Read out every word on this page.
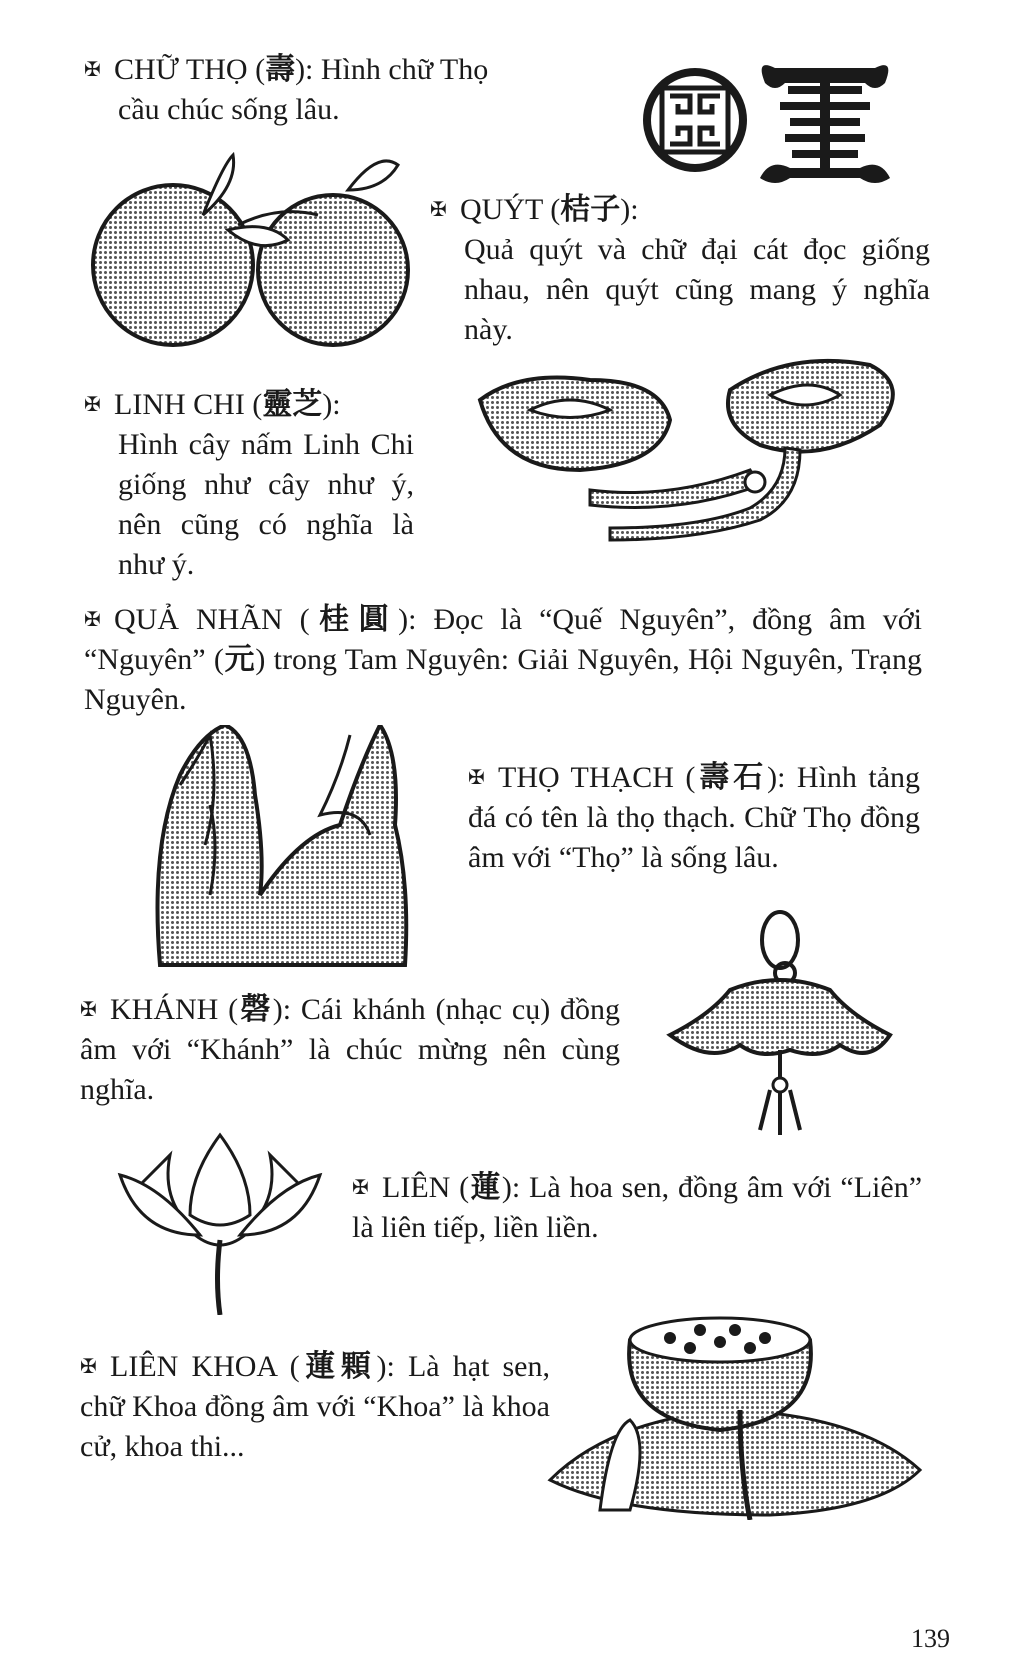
✠ CHỮ THỌ (壽): Hình chữ Thọ

cầu chúc sống lâu.

✠ QUÝT (桔子):

Quả quýt và chữ đại cát đọc giống nhau, nên quýt cũng mang ý nghĩa này.

✠ LINH CHI (靈芝):

Hình cây nấm Linh Chi giống như cây như ý, nên cũng có nghĩa là như ý.

✠ QUẢ NHÃN (桂圓): Đọc là “Quế Nguyên”, đồng âm với “Nguyên” (元) trong Tam Nguyên: Giải Nguyên, Hội Nguyên, Trạng Nguyên.

✠ THỌ THẠCH (壽石): Hình tảng đá có tên là thọ thạch. Chữ Thọ đồng âm với “Thọ” là sống lâu.

✠ KHÁNH (磬): Cái khánh (nhạc cụ) đồng âm với “Khánh” là chúc mừng nên cùng nghĩa.

✠ LIÊN (蓮): Là hoa sen, đồng âm với “Liên” là liên tiếp, liền liền.

✠ LIÊN KHOA (蓮顆): Là hạt sen, chữ Khoa đồng âm với “Khoa” là khoa cử, khoa thi...

139
